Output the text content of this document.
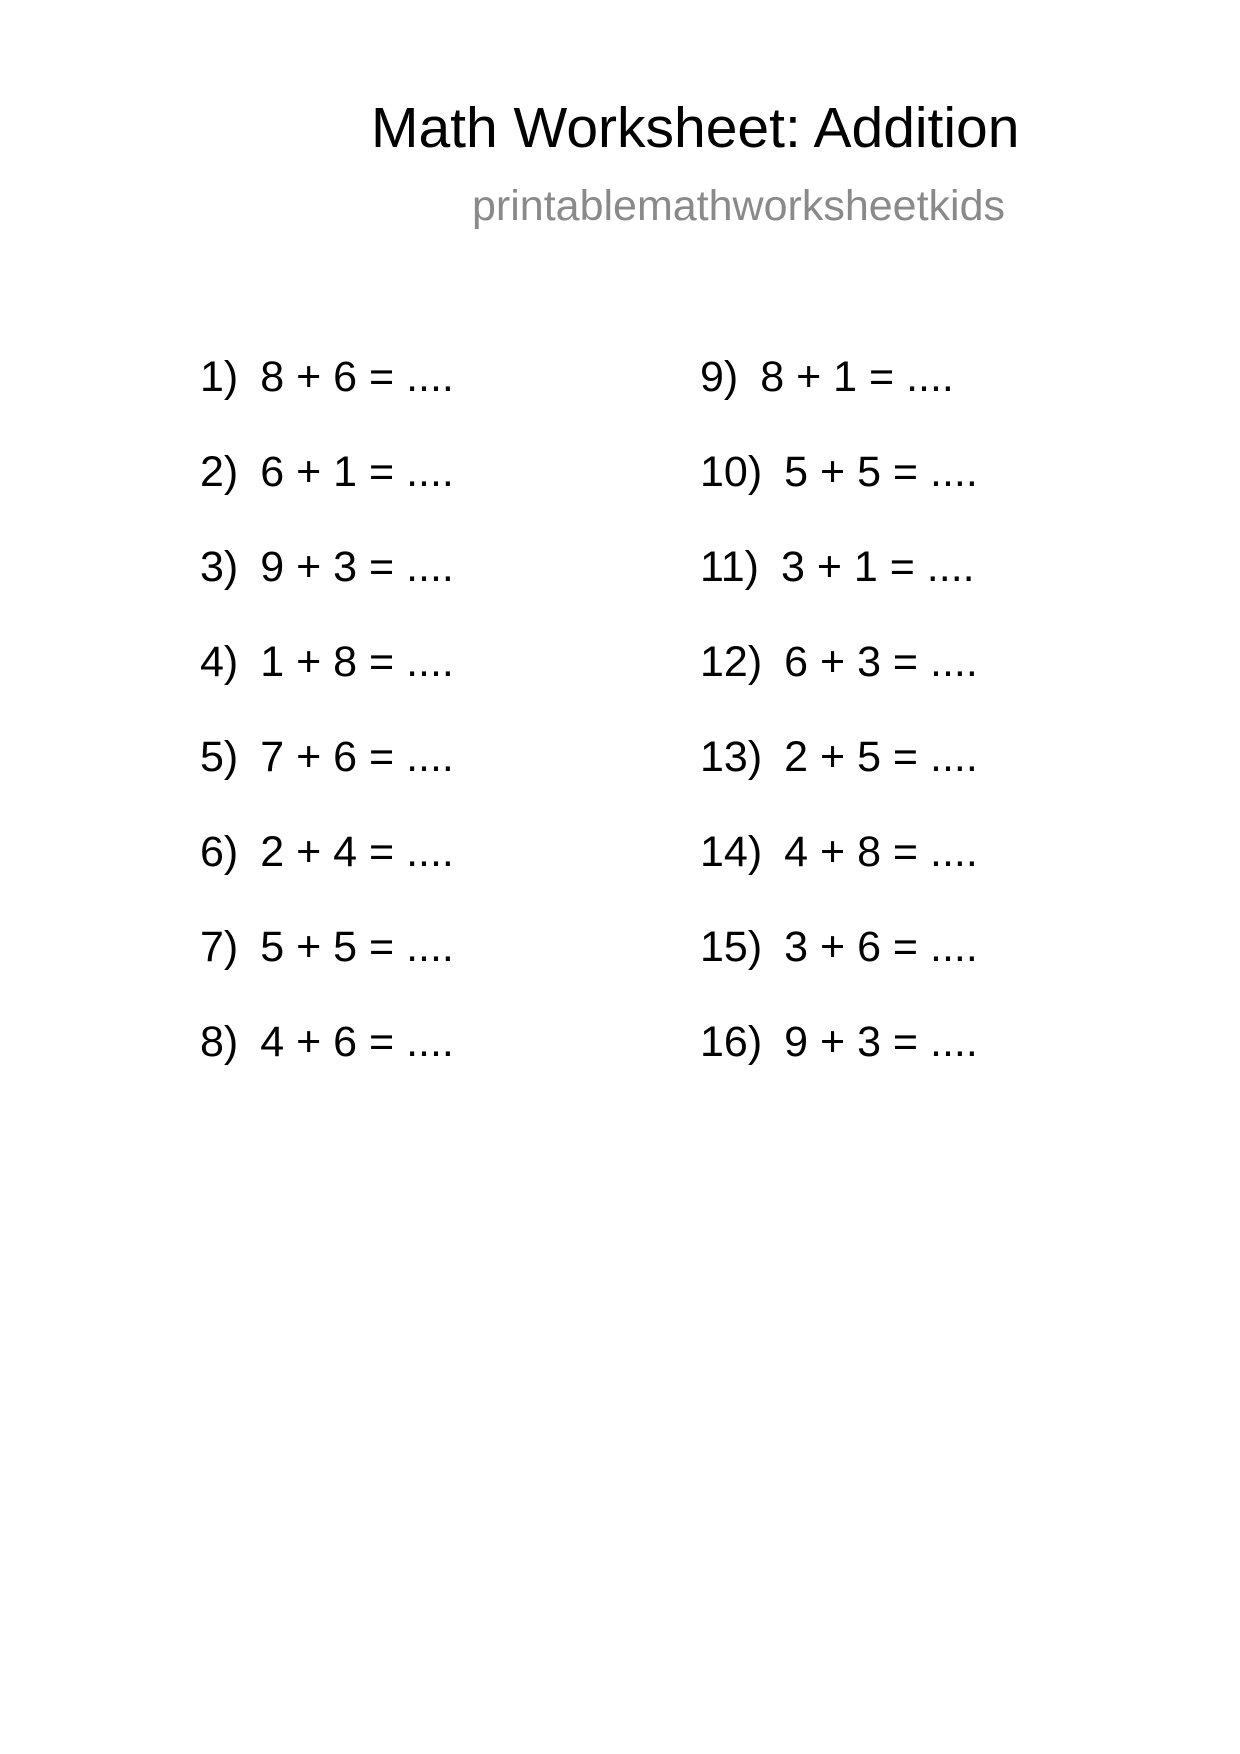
Math Worksheet: Addition
printablemathworksheetkids
1) 8 + 6 = ....
2) 6 + 1 = ....
3) 9 + 3 = ....
4) 1 + 8 = ....
5) 7 + 6 = ....
6) 2 + 4 = ....
7) 5 + 5 = ....
8) 4 + 6 = ....
9) 8 + 1 = ....
10) 5 + 5 = ....
11) 3 + 1 = ....
12) 6 + 3 = ....
13) 2 + 5 = ....
14) 4 + 8 = ....
15) 3 + 6 = ....
16) 9 + 3 = ....
